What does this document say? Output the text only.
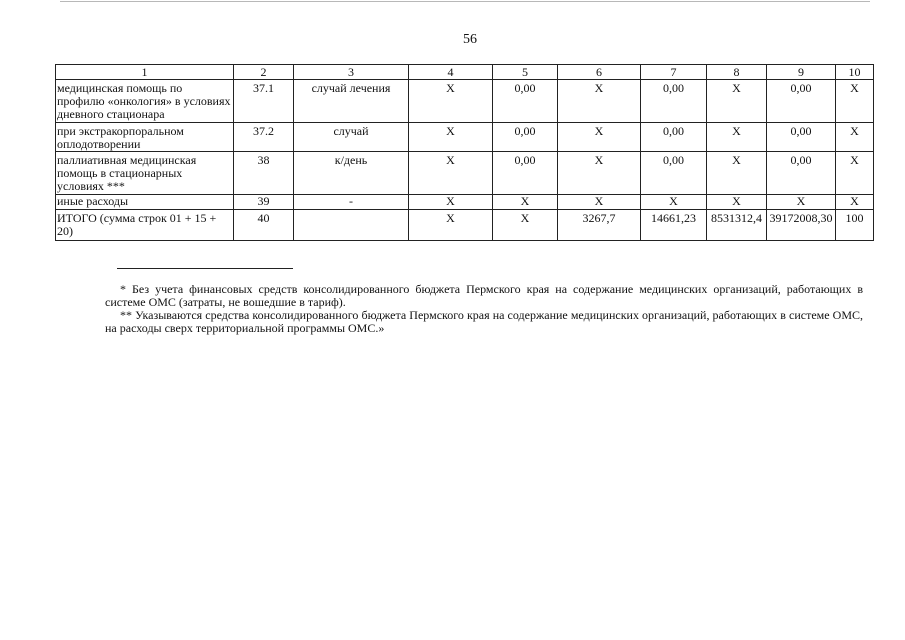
56
1	2	3	4	5	6	7	8	9	10
медицинская помощь по профилю «онкология» в условиях дневного стационара	37.1	случай лечения	Х	0,00	Х	0,00	Х	0,00	Х
при экстракорпоральном оплодотворении	37.2	случай	Х	0,00	Х	0,00	Х	0,00	Х
паллиативная медицинская помощь в стационарных условиях ***	38	к/день	Х	0,00	Х	0,00	Х	0,00	Х
иные расходы	39	-	Х	Х	Х	Х	Х	Х	Х
ИТОГО (сумма строк 01 + 15 + 20)	40		Х	Х	3267,7	14661,23	8531312,4	39172008,30	100

* Без учета финансовых средств консолидированного бюджета Пермского края на содержание медицинских организаций, работающих в системе ОМС (затраты, не вошедшие в тариф).

** Указываются средства консолидированного бюджета Пермского края на содержание медицинских организаций, работающих в системе ОМС, на расходы сверх территориальной программы ОМС.»
